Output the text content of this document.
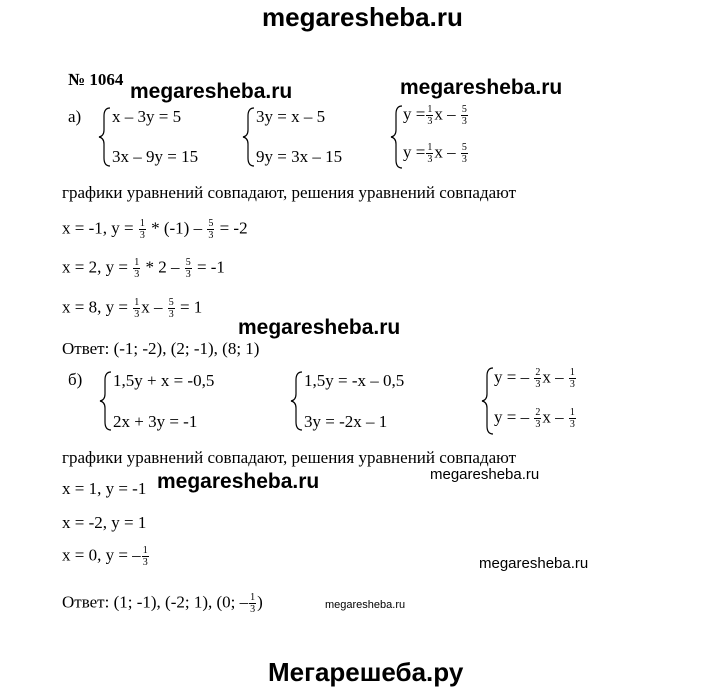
megaresheba.ru
№ 1064
megaresheba.ru	megaresheba.ru
а) x – 3y = 5
3x – 9y = 15
3y = x – 5
9y = 3x – 15
$y = \frac{1}{3}$ x – $\frac{5}{3}$
$y = \frac{1}{3}$ x – $\frac{5}{3}$
графики уравнений совпадают, решения уравнений совпадают
x = -1, $y = \frac{1}{3} * (-1) - \frac{5}{3} = -2$
x = 2, $y = \frac{1}{3} * 2 - \frac{5}{3} = -1$
x = 8, $y = \frac{1}{3}$ $x - \frac{5}{3} = 1$
megaresheba.ru
Ответ: (-1; -2), (2; -1), (8; 1)
б) 1,5y + x = -0,5
2x + 3y = -1
1,5y = -x – 0,5
3y = -2x – 1
y = – $\frac{2}{3}$ x – $\frac{1}{3}$
y = – $\frac{2}{3}$ x – $\frac{1}{3}$
графики уравнений совпадают, решения уравнений совпадают
x = 1, y = -1 megaresheba.ru	megaresheba.ru
x = -2, y = 1
x = 0, y = – $\frac{1}{3}$	megaresheba.ru
Ответ: (1; -1), (-2; 1), (0; – $\frac{1}{3}$ )	megaresheba.ru
Мегарешеба.ру
